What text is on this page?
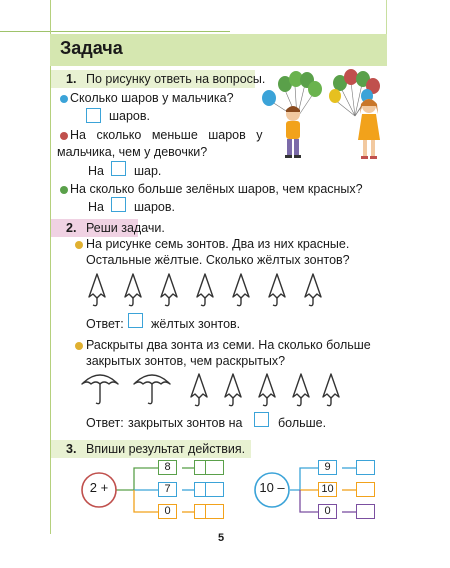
Задача
1. По рисунку ответь на вопросы.
Сколько шаров у мальчика?
шаров.
На сколько меньше шаров у
мальчика, чем у девочки?
На шар.
На сколько больше зелёных шаров, чем красных?
На шаров.
2. Реши задачи.
На рисунке семь зонтов. Два из них красные.
Остальные жёлтые. Сколько жёлтых зонтов?
Ответ: жёлтых зонтов.
Раскрыты два зонта из семи. На сколько больше
закрытых зонтов, чем раскрытых?
Ответ: закрытых зонтов на	больше.
3. Впиши результат действия.
2 +
8
7
0
10 –
9
10
0
5
